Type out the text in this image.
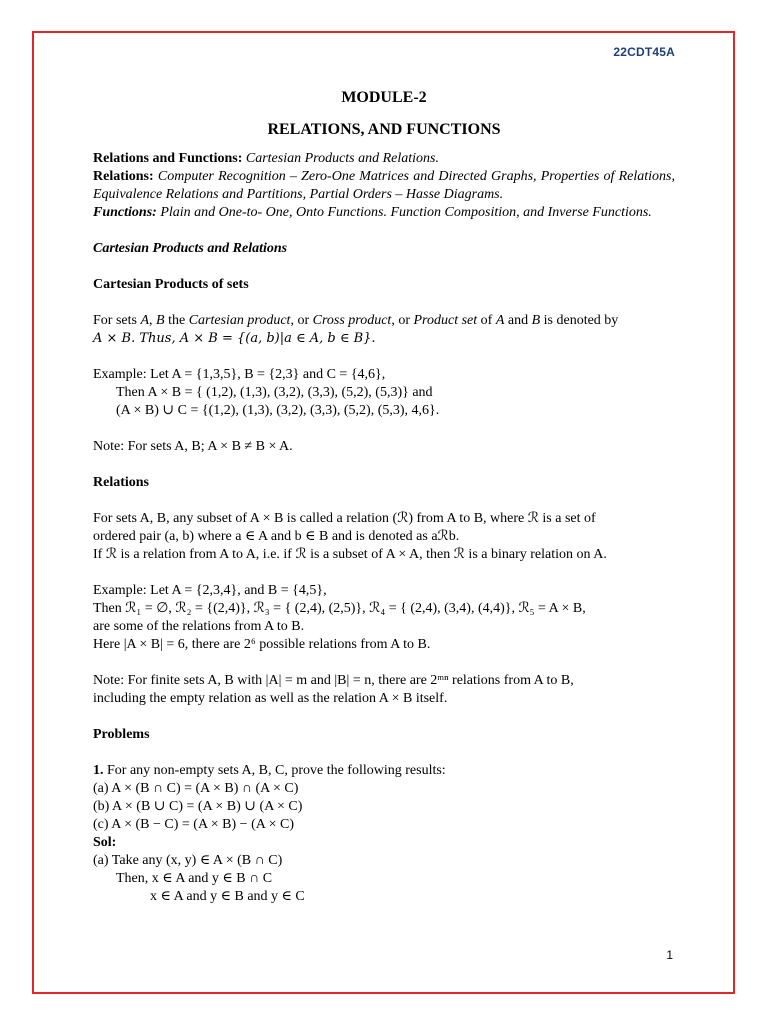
22CDT45A
MODULE-2
RELATIONS, AND FUNCTIONS

Relations and Functions: Cartesian Products and Relations.

Relations: Computer Recognition – Zero-One Matrices and Directed Graphs, Properties of Relations, Equivalence Relations and Partitions, Partial Orders – Hasse Diagrams.

Functions: Plain and One-to- One, Onto Functions. Function Composition, and Inverse Functions.

Cartesian Products and Relations

Cartesian Products of sets

For sets A, B the Cartesian product, or Cross product, or Product set of A and B is denoted by

A × B. Thus, A × B = {(a, b)|a ∈ A, b ∈ B}.

Example: Let A = {1,3,5}, B = {2,3} and C = {4,6},

Then A × B = { (1,2), (1,3), (3,2), (3,3), (5,2), (5,3)} and

(A × B) ∪ C = {(1,2), (1,3), (3,2), (3,3), (5,2), (5,3), 4,6}.

Note: For sets A, B; A × B ≠ B × A.

Relations

For sets A, B, any subset of A × B is called a relation (ℛ) from A to B, where ℛ is a set of

ordered pair (a, b) where a ∈ A and b ∈ B and is denoted as aℛb.

If ℛ is a relation from A to A, i.e. if ℛ is a subset of A × A, then ℛ is a binary relation on A.

Example: Let A = {2,3,4}, and B = {4,5},

Then ℛ₁ = ∅, ℛ₂ = {(2,4)}, ℛ₃ = { (2,4), (2,5)}, ℛ₄ = { (2,4), (3,4), (4,4)}, ℛ₅ = A × B,

are some of the relations from A to B.

Here |A × B| = 6, there are 2⁶ possible relations from A to B.

Note: For finite sets A, B with |A| = m and |B| = n, there are 2ᵐⁿ relations from A to B,

including the empty relation as well as the relation A × B itself.

Problems

1. For any non-empty sets A, B, C, prove the following results:

(a) A × (B ∩ C) = (A × B) ∩ (A × C)

(b) A × (B ∪ C) = (A × B) ∪ (A × C)

(c) A × (B − C) = (A × B) − (A × C)

Sol:

(a) Take any (x, y) ∈ A × (B ∩ C)

Then, x ∈ A and y ∈ B ∩ C

x ∈ A and y ∈ B and y ∈ C

1
